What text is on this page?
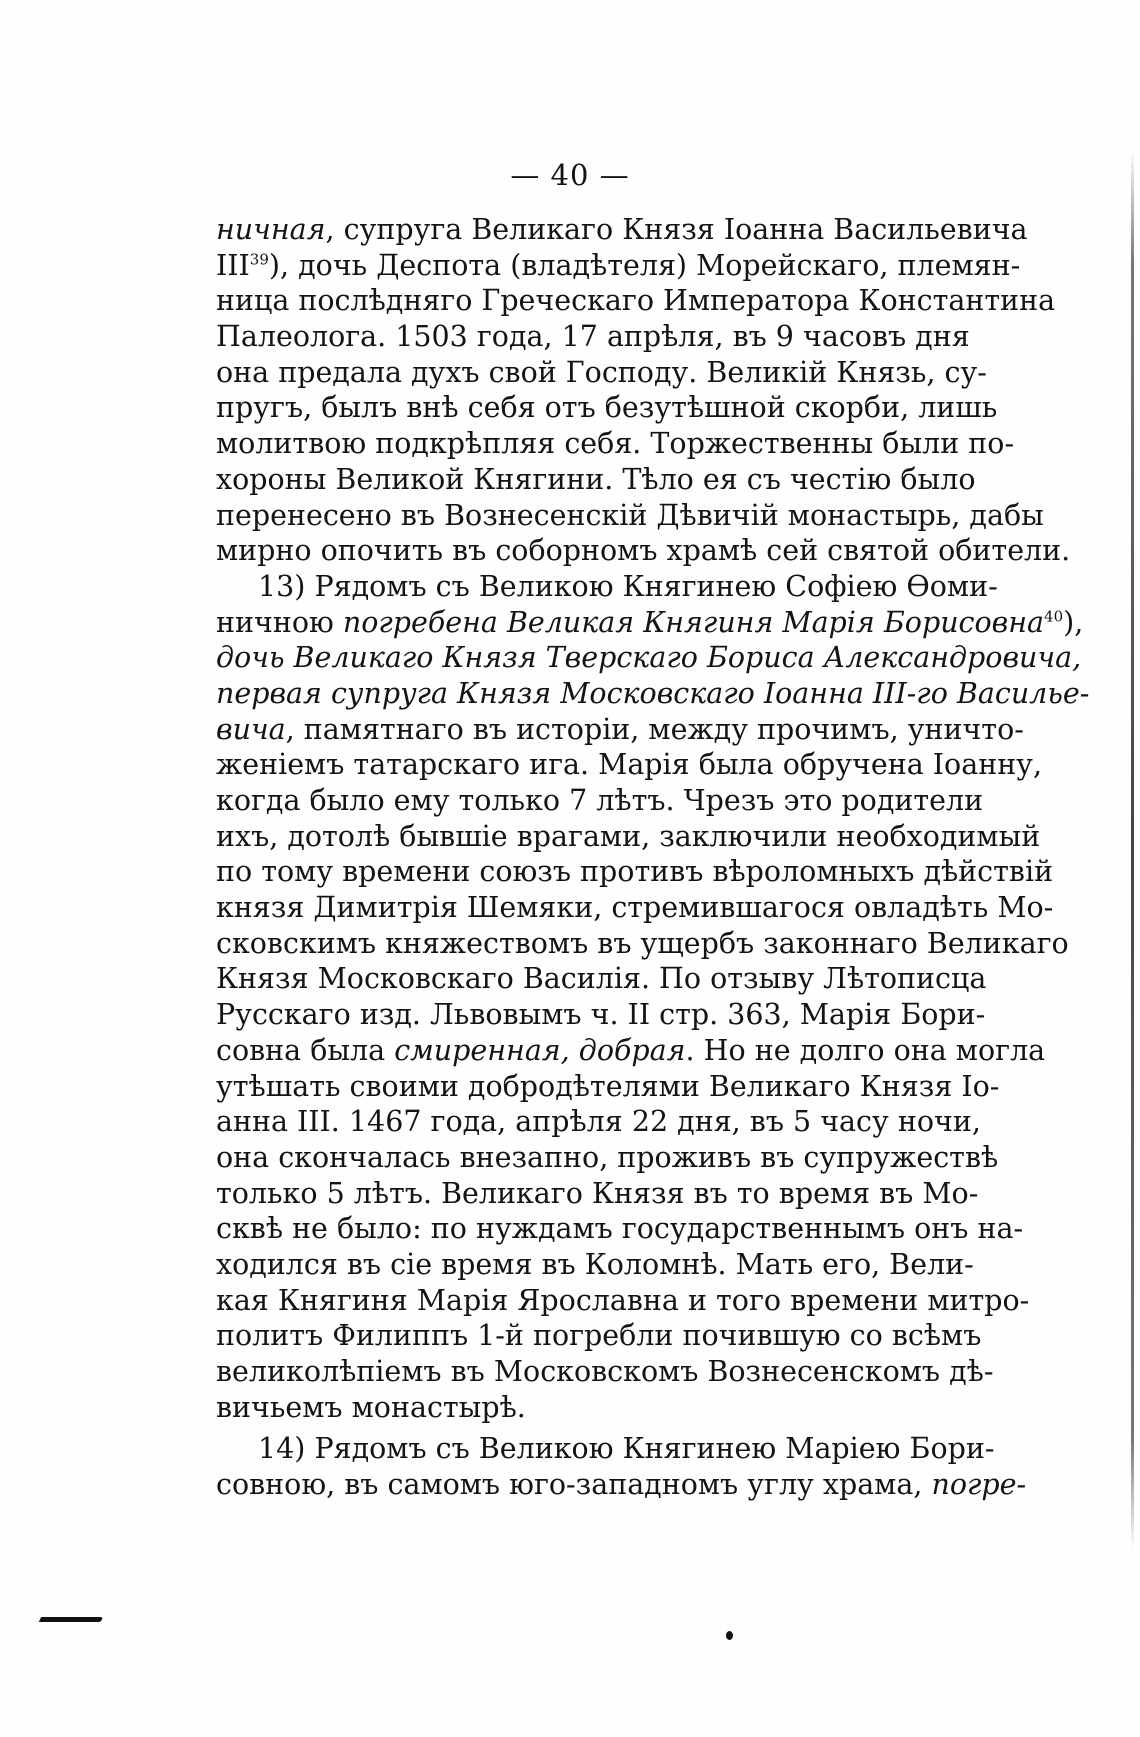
— 40 —
ничная, супруга Великаго Князя Іоанна Васильевича
III$^{39}$), дочь Деспота (владѣтеля) Морейскаго, племян-
ница послѣдняго Греческаго Императора Константина
Палеолога. 1503 года, 17 апрѣля, въ 9 часовъ дня
она предала духъ свой Господу. Великій Князь, су-
пругъ, былъ внѣ себя отъ безутѣшной скорби, лишь
молитвою подкрѣпляя себя. Торжественны были по-
хороны Великой Княгини. Тѣло ея съ честію было
перенесено въ Вознесенскій Дѣвичій монастырь, дабы
мирно опочить въ соборномъ храмѣ сей святой обители.
13) Рядомъ съ Великою Княгинею Софіею Ѳоми-
ничною погребена Великая Княгиня Марія Борисовна$^{40}$),
дочь Великаго Князя Тверскаго Бориса Александровича,
первая супруга Князя Московскаго Іоанна III-го Василье-
вича, памятнаго въ исторіи, между прочимъ, уничто-
женіемъ татарскаго ига. Марія была обручена Іоанну,
когда было ему только 7 лѣтъ. Чрезъ это родители
ихъ, дотолѣ бывшіе врагами, заключили необходимый
по тому времени союзъ противъ вѣроломныхъ дѣйствій
князя Димитрія Шемяки, стремившагося овладѣть Мо-
сковскимъ княжествомъ въ ущербъ законнаго Великаго
Князя Московскаго Василія. По отзыву Лѣтописца
Русскаго изд. Львовымъ ч. II стр. 363, Марія Бори-
совна была смиренная, добрая. Но не долго она могла
утѣшать своими добродѣтелями Великаго Князя Іо-
анна III. 1467 года, апрѣля 22 дня, въ 5 часу ночи,
она скончалась внезапно, проживъ въ супружествѣ
только 5 лѣтъ. Великаго Князя въ то время въ Мо-
сквѣ не было: по нуждамъ государственнымъ онъ на-
ходился въ сіе время въ Коломнѣ. Мать его, Вели-
кая Княгиня Марія Ярославна и того времени митро-
политъ Филиппъ 1-й погребли почившую со всѣмъ
великолѣпіемъ въ Московскомъ Вознесенскомъ дѣ-
вичьемъ монастырѣ.
14) Рядомъ съ Великою Княгинею Маріею Бори-
совною, въ самомъ юго-западномъ углу храма, погре-
